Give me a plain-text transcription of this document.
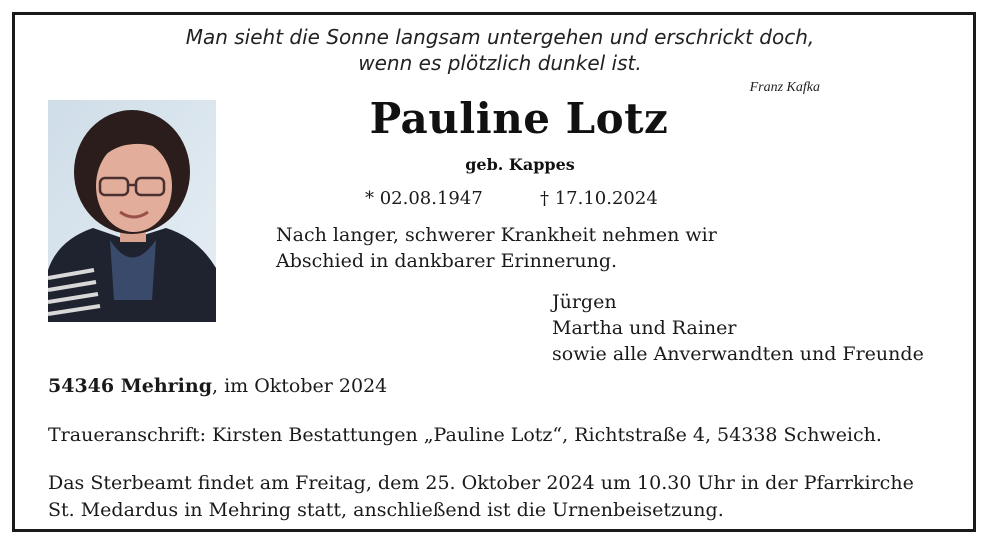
Man sieht die Sonne langsam untergehen und erschrickt doch,
wenn es plötzlich dunkel ist.
Franz Kafka
Pauline Lotz
geb. Kappes
* 02.08.1947	† 17.10.2024
Nach langer, schwerer Krankheit nehmen wir
Abschied in dankbarer Erinnerung.
Jürgen
Martha und Rainer
sowie alle Anverwandten und Freunde
54346 Mehring, im Oktober 2024
Traueranschrift: Kirsten Bestattungen „Pauline Lotz“, Richtstraße 4, 54338 Schweich.
Das Sterbeamt findet am Freitag, dem 25. Oktober 2024 um 10.30 Uhr in der Pfarrkirche
St. Medardus in Mehring statt, anschließend ist die Urnenbeisetzung.
